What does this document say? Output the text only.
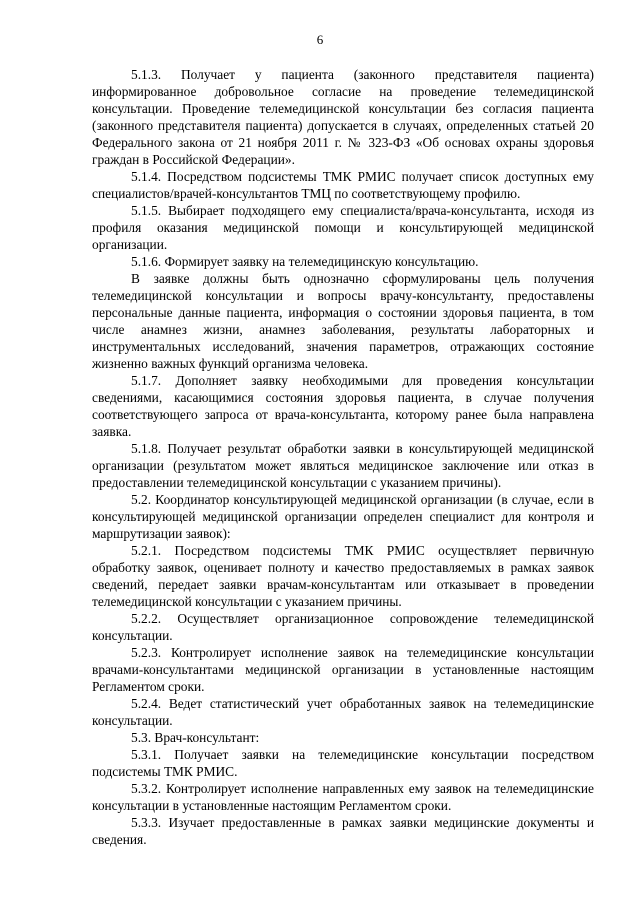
6

5.1.3. Получает у пациента (законного представителя пациента) информированное добровольное согласие на проведение телемедицинской консультации. Проведение телемедицинской консультации без согласия пациента (законного представителя пациента) допускается в случаях, определенных статьей 20 Федерального закона от 21 ноября 2011 г. № 323-ФЗ «Об основах охраны здоровья граждан в Российской Федерации».

5.1.4. Посредством подсистемы ТМК РМИС получает список доступных ему специалистов/врачей-консультантов ТМЦ по соответствующему профилю.

5.1.5. Выбирает подходящего ему специалиста/врача-консультанта, исходя из профиля оказания медицинской помощи и консультирующей медицинской организации.

5.1.6. Формирует заявку на телемедицинскую консультацию.

В заявке должны быть однозначно сформулированы цель получения телемедицинской консультации и вопросы врачу-консультанту, предоставлены персональные данные пациента, информация о состоянии здоровья пациента, в том числе анамнез жизни, анамнез заболевания, результаты лабораторных и инструментальных исследований, значения параметров, отражающих состояние жизненно важных функций организма человека.

5.1.7. Дополняет заявку необходимыми для проведения консультации сведениями, касающимися состояния здоровья пациента, в случае получения соответствующего запроса от врача-консультанта, которому ранее была направлена заявка.

5.1.8. Получает результат обработки заявки в консультирующей медицинской организации (результатом может являться медицинское заключение или отказ в предоставлении телемедицинской консультации с указанием причины).

5.2. Координатор консультирующей медицинской организации (в случае, если в консультирующей медицинской организации определен специалист для контроля и маршрутизации заявок):

5.2.1. Посредством подсистемы ТМК РМИС осуществляет первичную обработку заявок, оценивает полноту и качество предоставляемых в рамках заявок сведений, передает заявки врачам-консультантам или отказывает в проведении телемедицинской консультации с указанием причины.

5.2.2. Осуществляет организационное сопровождение телемедицинской консультации.

5.2.3. Контролирует исполнение заявок на телемедицинские консультации врачами-консультантами медицинской организации в установленные настоящим Регламентом сроки.

5.2.4. Ведет статистический учет обработанных заявок на телемедицинские консультации.

5.3. Врач-консультант:

5.3.1. Получает заявки на телемедицинские консультации посредством подсистемы ТМК РМИС.

5.3.2. Контролирует исполнение направленных ему заявок на телемедицинские консультации в установленные настоящим Регламентом сроки.

5.3.3. Изучает предоставленные в рамках заявки медицинские документы и сведения.
